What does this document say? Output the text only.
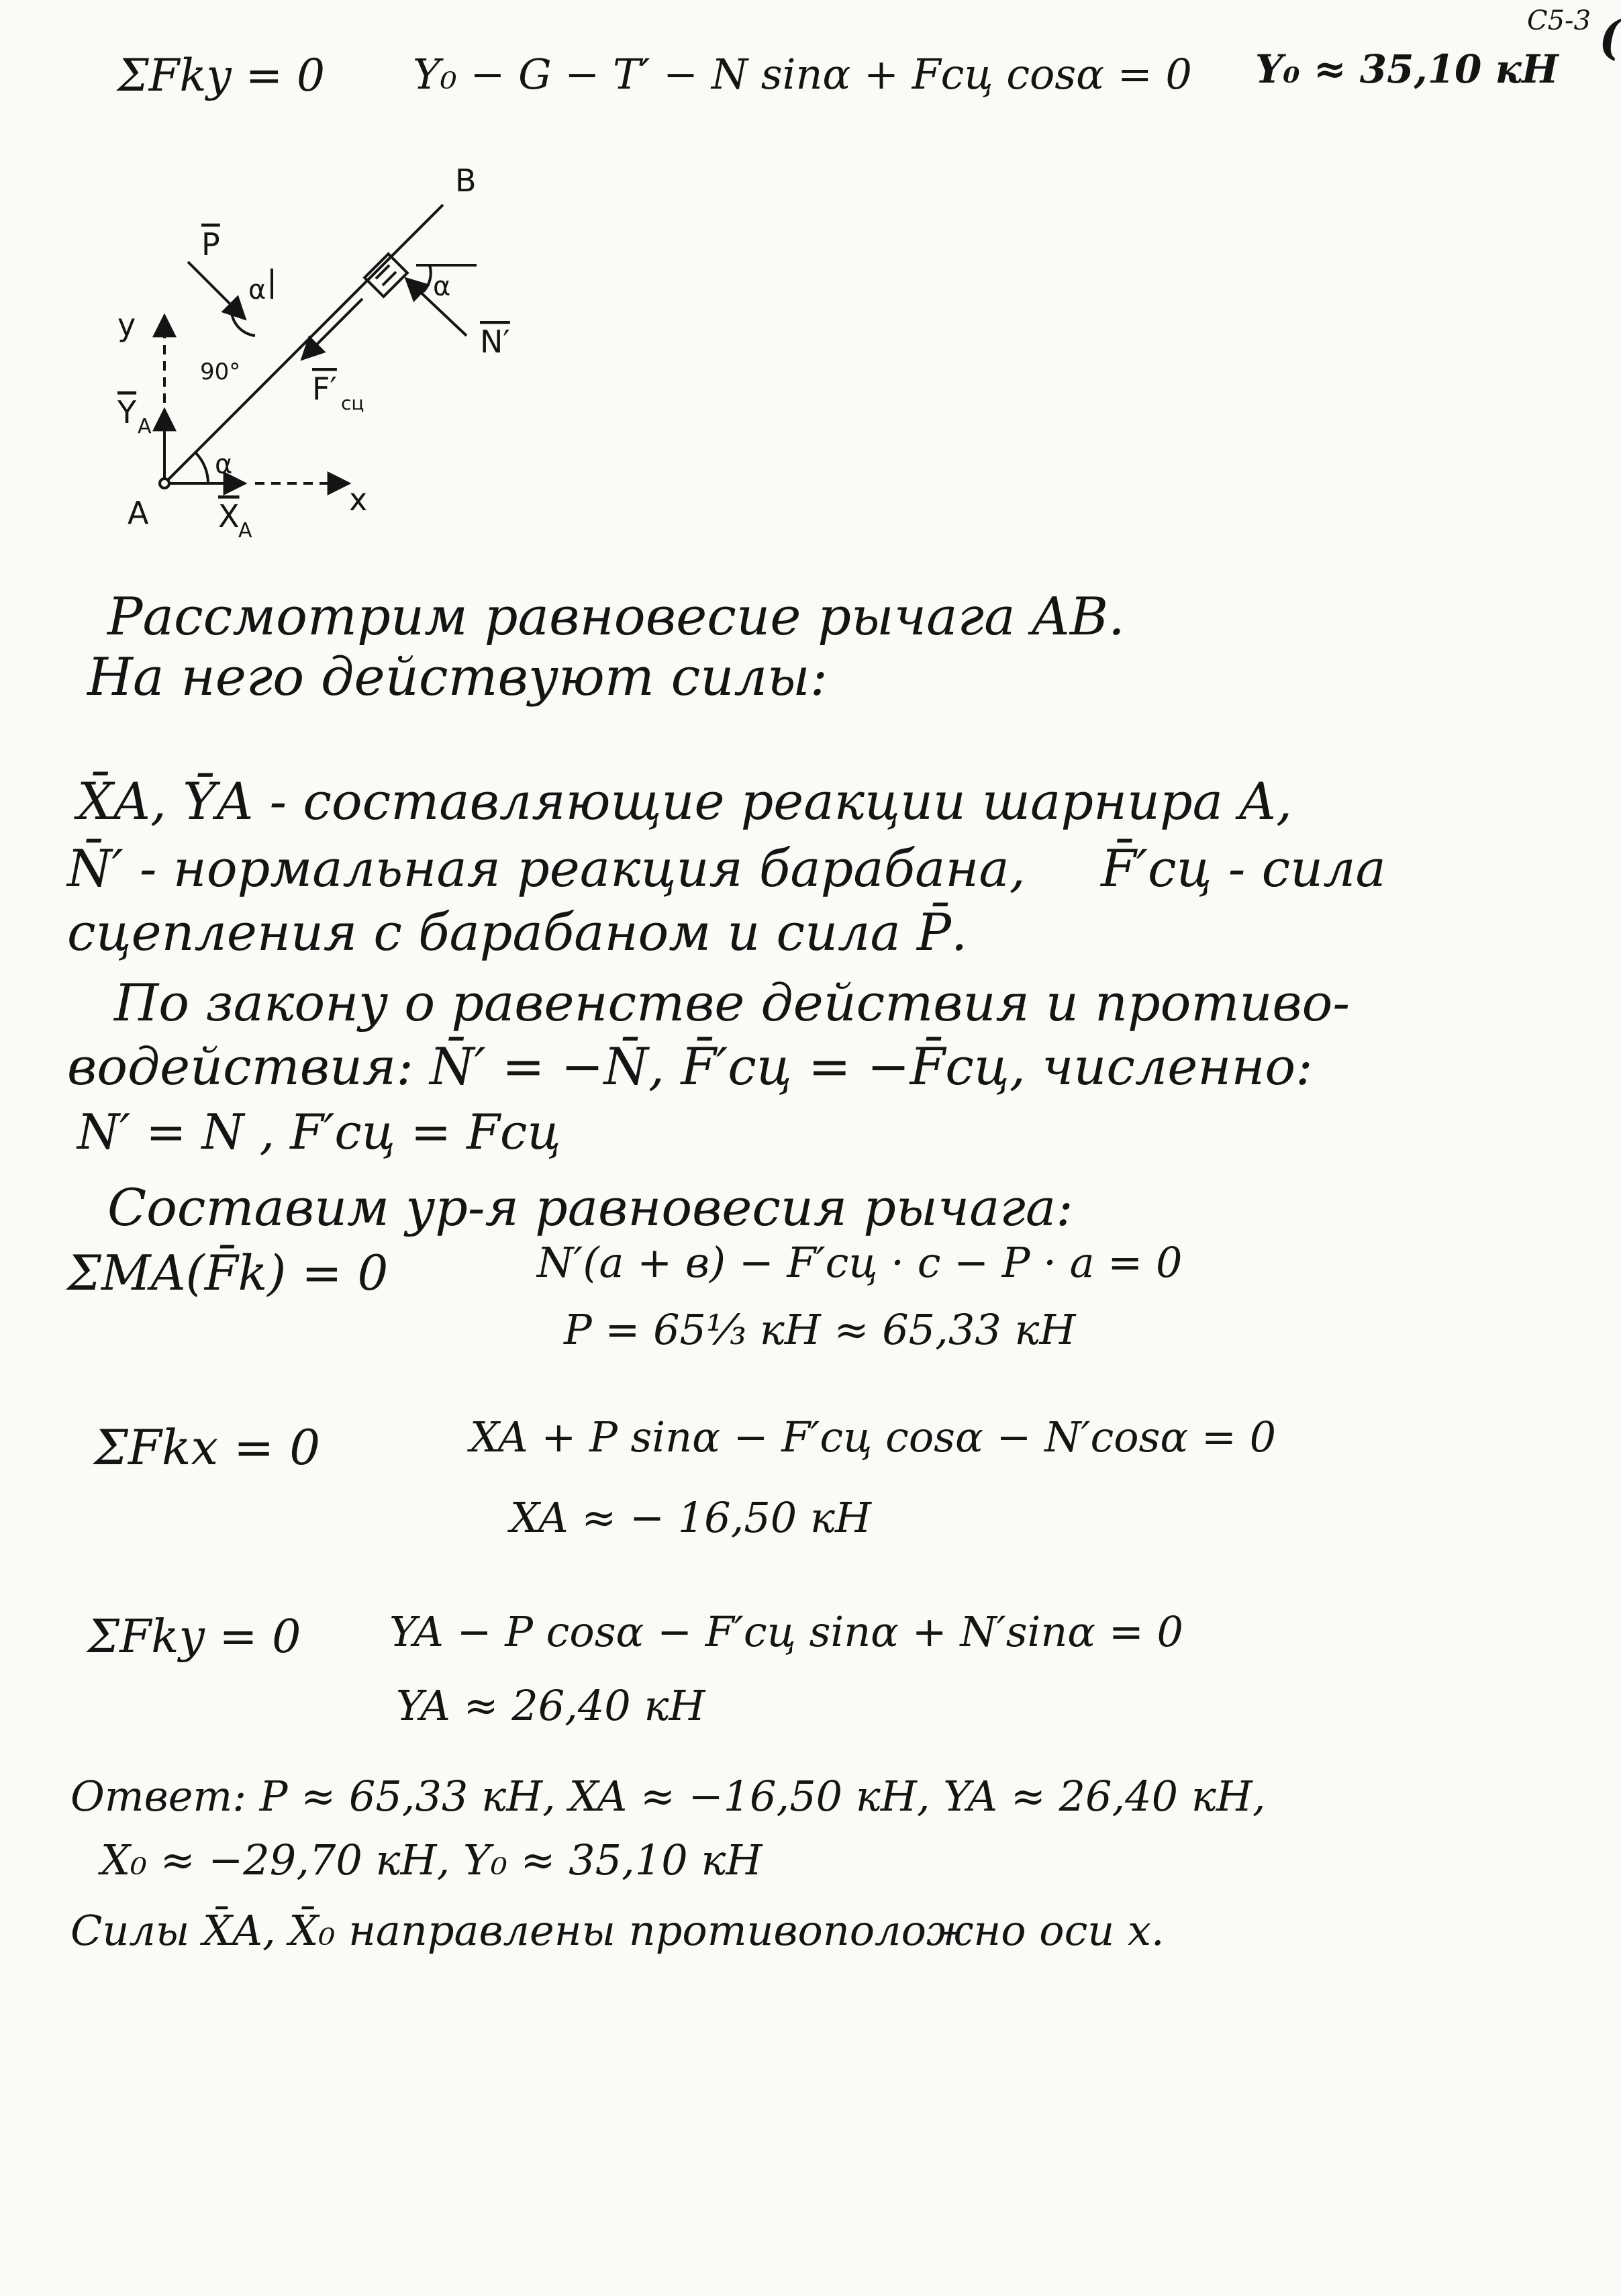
C5-3 (
ΣFky = 0 Y₀ − G − T′ − N sinα + Fсц cosα = 0 Y₀ ≈ 35,10 кН
B
A
y
x
P
Y A
X
A
α
α	α
90°
N′
F′ сц
Рассмотрим равновесие рычага AB.
На него действуют силы:
X̄A, ȲA - составляющие реакции шарнира A,
N̄′ - нормальная реакция барабана, F̄′сц - сила
сцепления с барабаном и сила P̄.
По закону о равенстве действия и противо-
водействия: N̄′ = −N̄, F̄′сц = −F̄сц, численно:
N′ = N , F′сц = Fсц
Составим ур-я равновесия рычага:
ΣMA(F̄k) = 0	N′(a + в) − F′сц · c − P · a = 0
P = 65⅓ кН ≈ 65,33 кН
ΣFkx = 0	XA + P sinα − F′сц cosα − N′cosα = 0
XA ≈ − 16,50 кН
ΣFky = 0 YA − P cosα − F′сц sinα + N′sinα = 0
YA ≈ 26,40 кН
Ответ: P ≈ 65,33 кН, XA ≈ −16,50 кН, YA ≈ 26,40 кН,
X₀ ≈ −29,70 кН, Y₀ ≈ 35,10 кН
Силы X̄A, X̄₀ направлены противоположно оси x.
